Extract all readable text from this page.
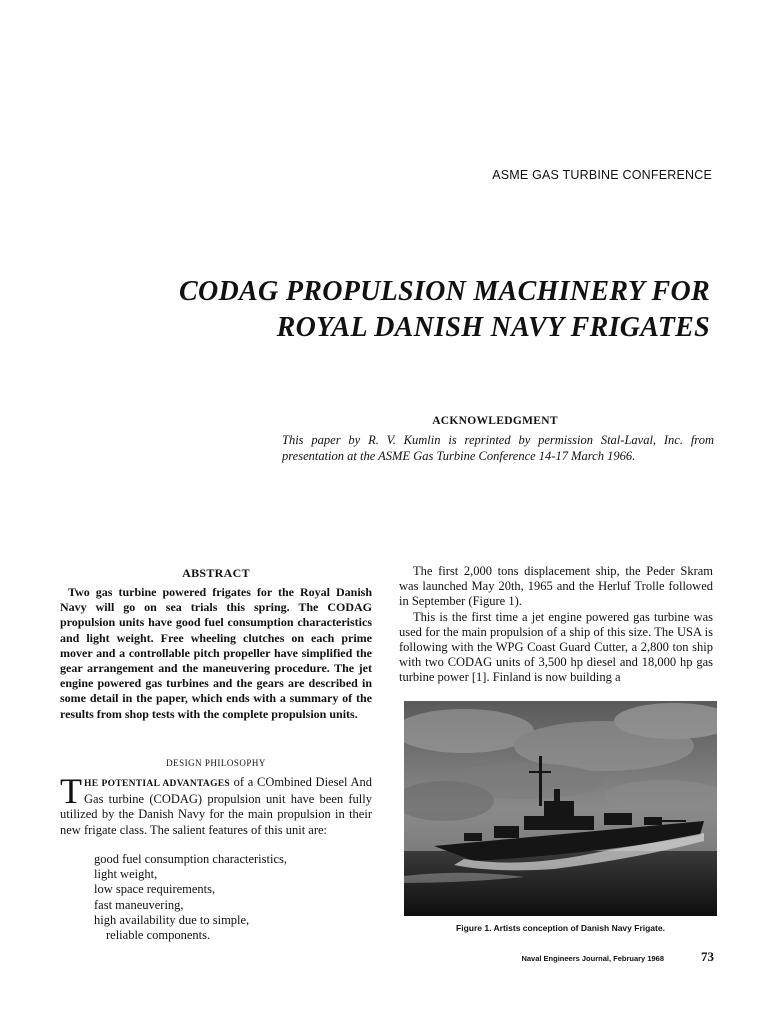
ASME GAS TURBINE CONFERENCE
CODAG PROPULSION MACHINERY FOR
ROYAL DANISH NAVY FRIGATES
ACKNOWLEDGMENT
This paper by R. V. Kumlin is reprinted by permission Stal-Laval, Inc. from presentation at the ASME Gas Turbine Conference 14-17 March 1966.
ABSTRACT
Two gas turbine powered frigates for the Royal Danish Navy will go on sea trials this spring. The CODAG propulsion units have good fuel consumption characteristics and light weight. Free wheeling clutches on each prime mover and a controllable pitch propeller have simplified the gear arrangement and the maneuvering procedure. The jet engine powered gas turbines and the gears are described in some detail in the paper, which ends with a summary of the results from shop tests with the complete propulsion units.
DESIGN PHILOSOPHY
THE POTENTIAL ADVANTAGES of a COmbined Diesel And Gas turbine (CODAG) propulsion unit have been fully utilized by the Danish Navy for the main propulsion in their new frigate class. The salient features of this unit are:
good fuel consumption characteristics,
light weight,
low space requirements,
fast maneuvering,
high availability due to simple,
reliable components.

The first 2,000 tons displacement ship, the Peder Skram was launched May 20th, 1965 and the Herluf Trolle followed in September (Figure 1).

This is the first time a jet engine powered gas turbine was used for the main propulsion of a ship of this size. The USA is following with the WPG Coast Guard Cutter, a 2,800 ton ship with two CODAG units of 3,500 hp diesel and 18,000 hp gas turbine power [1]. Finland is now building a

Figure 1. Artists conception of Danish Navy Frigate.
Naval Engineers Journal, February 1968	73
